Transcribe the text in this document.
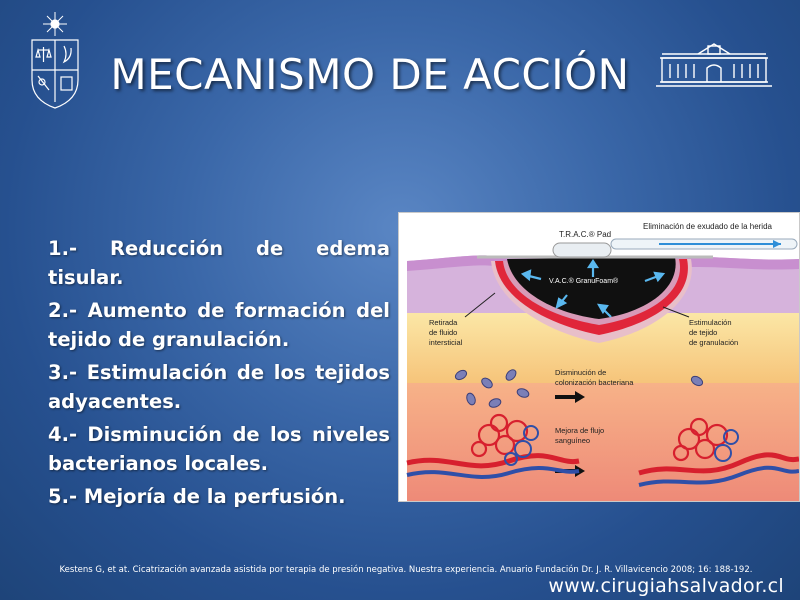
MECANISMO DE ACCIÓN
1.- Reducción de edema tisular.
2.- Aumento de formación del tejido de granulación.
3.- Estimulación de los tejidos adyacentes.
4.- Disminución de los niveles bacterianos locales.
5.- Mejoría de la perfusión.
T.R.A.C.® Pad
Eliminación de exudado de la herida
V.A.C.® GranuFoam®
Retirada
de fluido
intersticial
Estimulación
de tejido
de granulación
Disminución de
colonización bacteriana
Mejora de flujo
sanguíneo
Kestens G, et at. Cicatrización avanzada asistida por terapia de presión negativa. Nuestra experiencia. Anuario Fundación Dr. J. R. Villavicencio 2008; 16: 188-192.
www.cirugiahsalvador.cl
